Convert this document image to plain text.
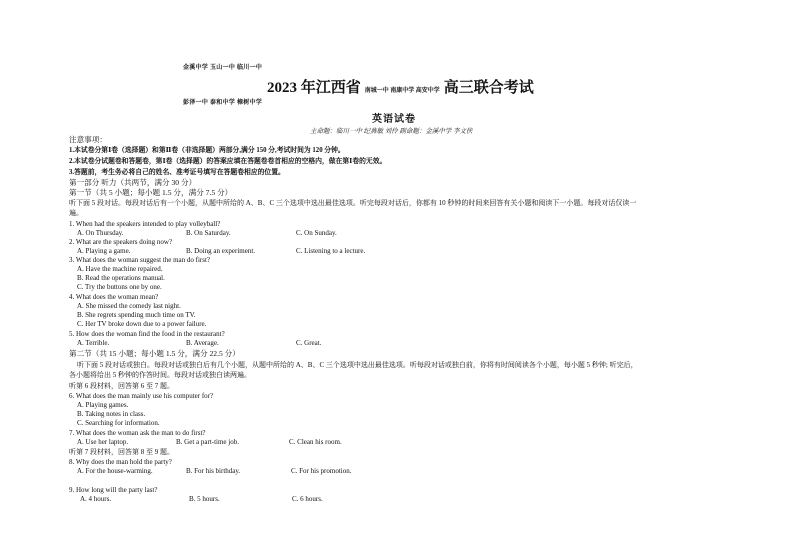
金溪中学 玉山一中 临川一中
2023 年江西省 南城一中 南康中学 高安中学 高三联合考试
彭泽一中 泰和中学 樟树中学
英语试卷
主命题：临川一中 纪燕敏 刘伶 副命题：金溪中学 李文侠
注意事项：
1.本试卷分第Ⅰ卷（选择题）和第Ⅱ卷（非选择题）两部分,满分 150 分,考试时间为 120 分钟。
2.本试卷分试题卷和答题卷，第Ⅰ卷（选择题）的答案应填在答题卷卷首相应的空格内，做在第Ⅰ卷的无效。
3.答题前，考生务必将自己的姓名、准考证号填写在答题卷相应的位置。
第一部分 听力（共两节，满分 30 分）
第一节（共 5 小题；每小题 1.5 分，满分 7.5 分）
听下面 5 段对话。每段对话后有一个小题，从题中所给的 A、B、C 三个选项中选出最佳选项。听完每段对话后，你都有 10 秒钟的时间来回答有关小题和阅读下一小题。每段对话仅读一
遍。
1. When had the speakers intended to play volleyball?
A. On Thursday.	B. On Saturday.	C. On Sunday.
2. What are the speakers doing now?
A. Playing a game.	B. Doing an experiment.	C. Listening to a lecture.
3. What does the woman suggest the man do first?
A. Have the machine repaired.
B. Read the operations manual.
C. Try the buttons one by one.
4. What does the woman mean?
A. She missed the comedy last night.
B. She regrets spending much time on TV.
C. Her TV broke down due to a power failure.
5. How does the woman find the food in the restaurant?
A. Terrible.	B. Average.	C. Great.
第二节（共 15 小题；每小题 1.5 分，满分 22.5 分）
听下面 5 段对话或独白。每段对话或独白后有几个小题，从题中所给的 A、B、C 三个选项中选出最佳选项。听每段对话或独白前，你将有时间阅读各个小题，每小题 5 秒钟; 听完后，
各小题将给出 5 秒钟的作答时间。每段对话或独白读两遍。
听第 6 段材料，回答第 6 至 7 题。
6. What does the man mainly use his computer for?
A. Playing games.
B. Taking notes in class.
C. Searching for information.
7. What does the woman ask the man to do first?
A. Use her laptop.	B. Get a part-time job.	C. Clean his room.
听第 7 段材料，回答第 8 至 9 题。
8. Why does the man hold the party?
A. For the house-warming.	B. For his birthday.	C. For his promotion.
9. How long will the party last?
A. 4 hours.	B. 5 hours.	C. 6 hours.
